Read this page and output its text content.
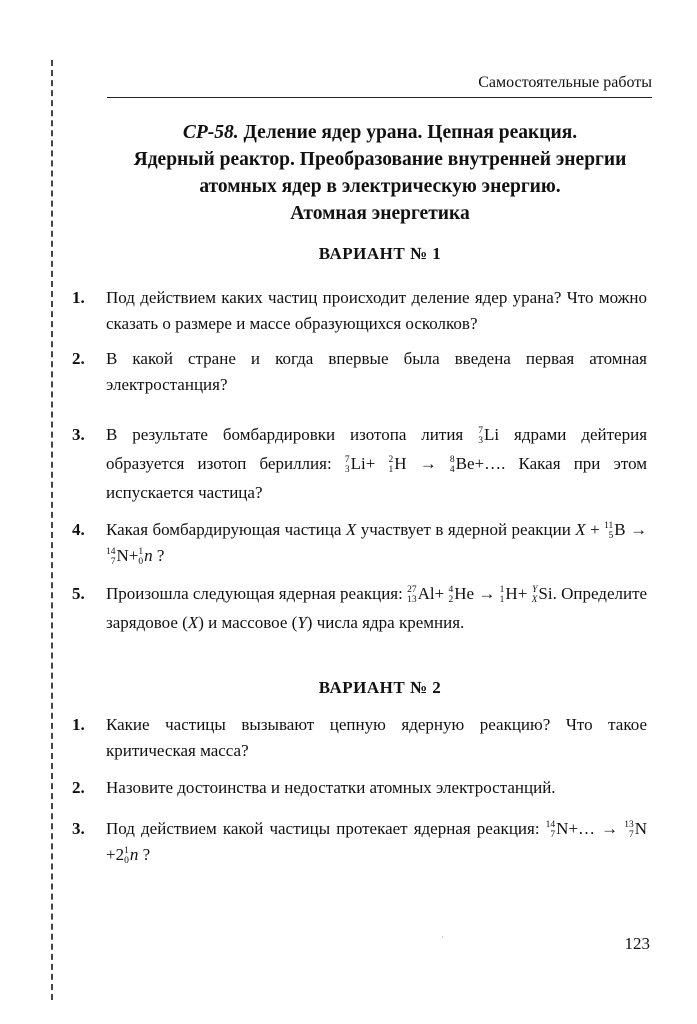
Самостоятельные работы
СР-58. Деление ядер урана. Цепная реакция.
Ядерный реактор. Преобразование внутренней энергии
атомных ядер в электрическую энергию.
Атомная энергетика
ВАРИАНТ № 1
1. Под действием каких частиц происходит деление ядер урана? Что можно сказать о размере и массе образующихся осколков?
2. В какой стране и когда впервые была введена первая атомная электростанция?
3. В результате бомбардировки изотопа лития 7
3 Li ядрами дейтерия образуется изотоп бериллия: 7
3 Li+ 2
1 H → 8
4 Be+…. Какая при этом испускается частица?
4. Какая бомбардирующая частица X участвует в ядерной реакции X + 11
5 B →
14
7 N+ 1
0 n ?
5. Произошла следующая ядерная реакция: 27
13 Al+ 4
2 He → 1
1 H+ Y
X Si. Определите зарядовое (X) и массовое (Y) числа ядра кремния.
ВАРИАНТ № 2
1. Какие частицы вызывают цепную ядерную реакцию? Что такое критическая масса?
2. Назовите достоинства и недостатки атомных электростанций.
3. Под действием какой частицы протекает ядерная реакция: 14
7 N+… → 13
7 N+2 1
0 n ?
·	123
